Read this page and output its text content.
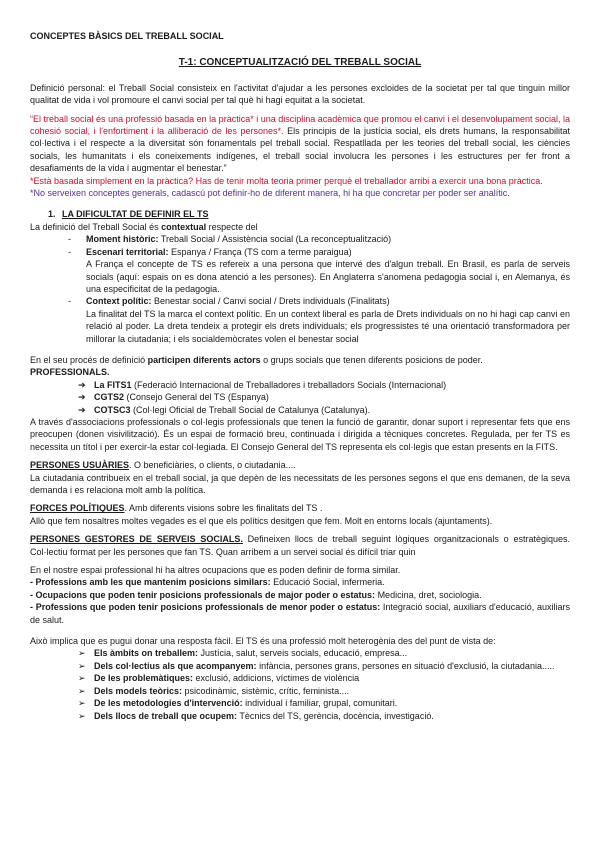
CONCEPTES BÀSICS DEL TREBALL SOCIAL
T-1: CONCEPTUALITZACIÓ DEL TREBALL SOCIAL

Definició personal: el Treball Social consisteix en l'activitat d'ajudar a les persones excloides de la societat per tal que tinguin millor qualitat de vida i vol promoure el canvi social per tal què hi hagi equitat a la societat.

“El treball social és una professió basada en la pràctica* i una disciplina acadèmica que promou el canvi i el desenvolupament social, la cohesió social, i l'enfortiment i la alliberació de les persones*. Els principis de la justícia social, els drets humans, la responsabilitat col·lectiva i el respecte a la diversitat són fonamentals pel treball social. Respatllada per les teories del treball social, les ciències socials, les humanitats i els coneixements indígenes, el treball social involucra les persones i les estructures per fer front a desafiaments de la vida i augmentar el benestar.”

*Està basada simplement en la pràctica? Has de tenir molta teoria primer perquè el treballador arribi a exercir una bona pràctica.

*No serveixen conceptes generals, cadascú pot definir-ho de diferent manera, hi ha que concretar per poder ser analític.

1. LA DIFICULTAT DE DEFINIR EL TS

La definició del Treball Social és contextual respecte del

- Moment històric: Treball Social / Assistència social (La reconceptualització)
- Escenari territorial: Espanya / França (TS com a terme paraigua)
A França el concepte de TS es refereix a una persona que intervé des d'algun treball. En Brasil, es parla de serveis socials (aquí: espais on es dona atenció a les persones). En Anglaterra s'anomena pedagogia social i, en Alemanya, és una especificitat de la pedagogia.
- Context polític: Benestar social / Canvi social / Drets individuals (Finalitats)
La finalitat del TS la marca el context polític. En un context liberal es parla de Drets individuals on no hi hagi cap canvi en relació al poder. La dreta tendeix a protegir els drets individuals; els progressistes té una orientació transformadora per millorar la ciutadania; i els socialdemòcrates volen el benestar social

En el seu procés de definició participen diferents actors o grups socials que tenen diferents posicions de poder.

PROFESSIONALS.

➔ La FITS1 (Federació Internacional de Treballadores i treballadors Socials (Internacional)
➔ CGTS2 (Consejo General del TS (Espanya)
➔ COTSC3 (Col·legi Oficial de Treball Social de Catalunya (Catalunya).

A través d'associacions professionals o col·legis professionals que tenen la funció de garantir, donar suport i representar fets que ens preocupen (donen visivilització). És un espai de formació breu, continuada i dirigida a tècniques concretes. Regulada, per fer TS es necessita un títol i per exercir-la estar col·legiada. El Consejo General del TS representa els col·legis que estan presents en la FITS.

PERSONES USUÀRIES. O beneficiàries, o clients, o ciutadania....

La ciutadania contribueix en el treball social, ja que depèn de les necessitats de les persones segons el que ens demanen, de la seva demanda i es relaciona molt amb la política.

FORCES POLÍTIQUES. Amb diferents visions sobre les finalitats del TS .

Allò que fem nosaltres moltes vegades es el que els polítics desitgen que fem. Molt en entorns locals (ajuntaments).

PERSONES GESTORES DE SERVEIS SOCIALS. Defineixen llocs de treball seguint lògiques organitzacionals o estratègiques. Col·lectiu format per les persones que fan TS. Quan arribem a un servei social és difícil triar quin

En el nostre espai professional hi ha altres ocupacions que es poden definir de forma similar.

- Professions amb les que mantenim posicions similars: Educació Social, infermeria.

- Ocupacions que poden tenir posicions professionals de major poder o estatus: Medicina, dret, sociologia.

- Professions que poden tenir posicions professionals de menor poder o estatus: Integració social, auxiliars d'educació, auxiliars de salut.

Això implica que es pugui donar una resposta fàcil. El TS és una professió molt heterogènia des del punt de vista de:

➢ Els àmbits on treballem: Justícia, salut, serveis socials, educació, empresa...
➢ Dels col·lectius als que acompanyem: infància, persones grans, persones en situació d'exclusió, la ciutadania.....
➢ De les problemàtiques: exclusió, addicions, víctimes de violència
➢ Dels models teòrics: psicodinàmic, sistèmic, crític, feminista....
➢ De les metodologies d'intervenció: individual i familiar, grupal, comunitari.
➢ Dels llocs de treball que ocupem: Tècnics del TS, gerència, docència, investigació.
